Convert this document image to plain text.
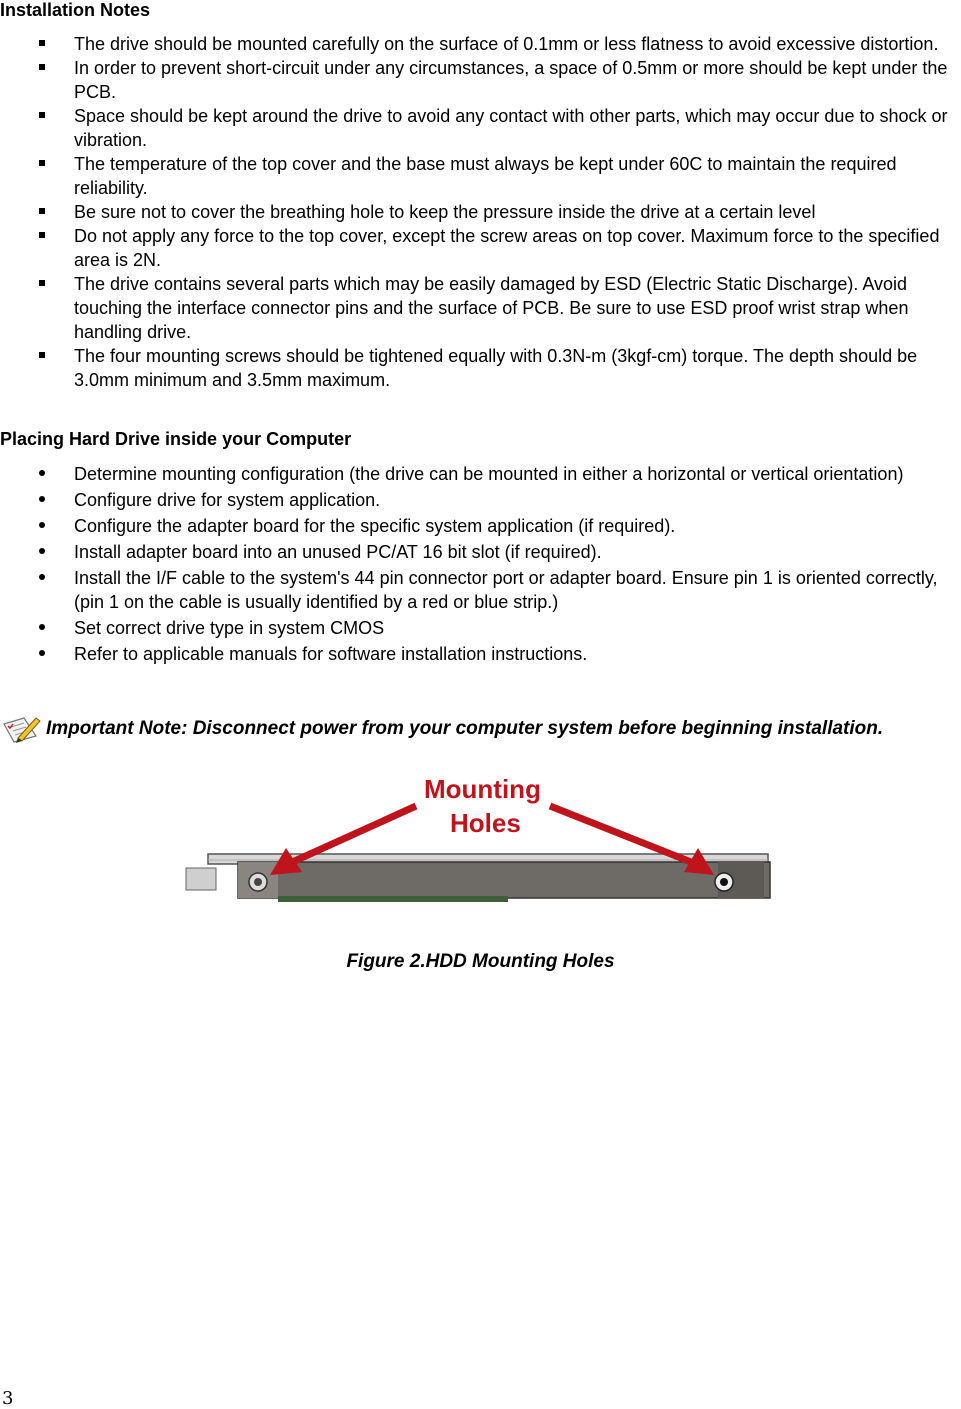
Installation Notes
The drive should be mounted carefully on the surface of 0.1mm or less flatness to avoid excessive distortion.
In order to prevent short-circuit under any circumstances, a space of 0.5mm or more should be kept under the PCB.
Space should be kept around the drive to avoid any contact with other parts, which may occur due to shock or vibration.
The temperature of the top cover and the base must always be kept under 60C to maintain the required reliability.
Be sure not to cover the breathing hole to keep the pressure inside the drive at a certain level
Do not apply any force to the top cover, except the screw areas on top cover. Maximum force to the specified area is 2N.
The drive contains several parts which may be easily damaged by ESD (Electric Static Discharge). Avoid touching the interface connector pins and the surface of PCB. Be sure to use ESD proof wrist strap when handling drive.
The four mounting screws should be tightened equally with 0.3N-m (3kgf-cm) torque. The depth should be 3.0mm minimum and 3.5mm maximum.
Placing Hard Drive inside your Computer
Determine mounting configuration (the drive can be mounted in either a horizontal or vertical orientation)
Configure drive for system application.
Configure the adapter board for the specific system application (if required).
Install adapter board into an unused PC/AT 16 bit slot (if required).
Install the I/F cable to the system's 44 pin connector port or adapter board. Ensure pin 1 is oriented correctly, (pin 1 on the cable is usually identified by a red or blue strip.)
Set correct drive type in system CMOS
Refer to applicable manuals for software installation instructions.
Important Note: Disconnect power from your computer system before beginning installation.
Mounting
Holes
Figure 2.HDD Mounting Holes
3
